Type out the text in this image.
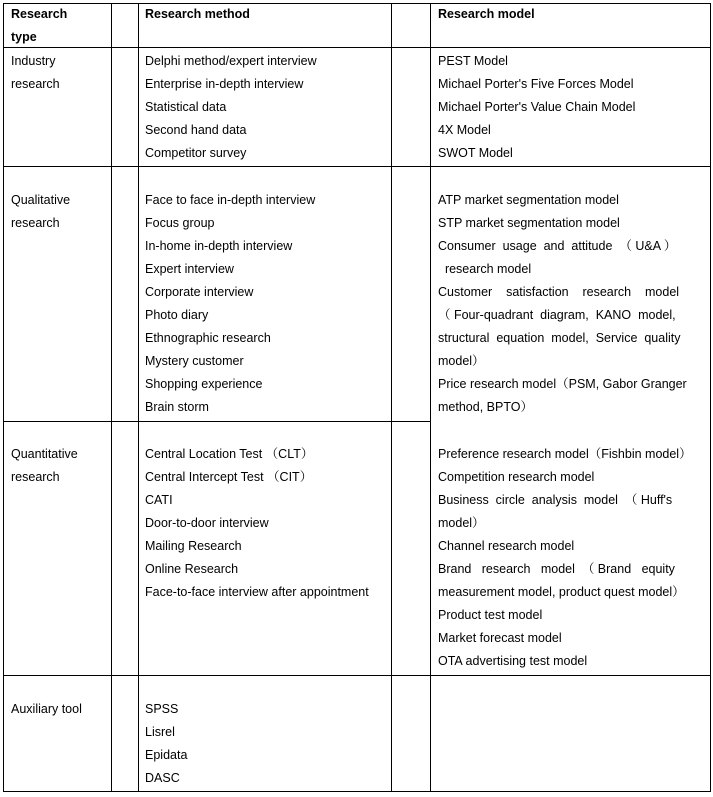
Research
type
Research method	Research model
Industry
research
Delphi method/expert interview
Enterprise in-depth interview
Statistical data
Second hand data
Competitor survey
PEST Model
Michael Porter's Five Forces Model
Michael Porter's Value Chain Model
4X Model
SWOT Model
Qualitative
research
Face to face in-depth interview
Focus group
In-home in-depth interview
Expert interview
Corporate interview
Photo diary
Ethnographic research
Mystery customer
Shopping experience
Brain storm
ATP market segmentation model
STP market segmentation model
Consumer  usage  and  attitude  （ U&A ）
research model
Customer    satisfaction    research    model
（ Four-quadrant  diagram,  KANO  model,
structural  equation  model,  Service  quality
model）
Price research model（PSM, Gabor Granger
method, BPTO）
Quantitative
research
Central Location Test （CLT）
Central Intercept Test （CIT）
CATI
Door-to-door interview
Mailing Research
Online Research
Face-to-face interview after appointment
Preference research model（Fishbin model）
Competition research model
Business  circle  analysis  model  （ Huff's
model）
Channel research model
Brand   research   model  （ Brand   equity
measurement model, product quest model）
Product test model
Market forecast model
OTA advertising test model
Auxiliary tool	SPSS
Lisrel
Epidata
DASC
